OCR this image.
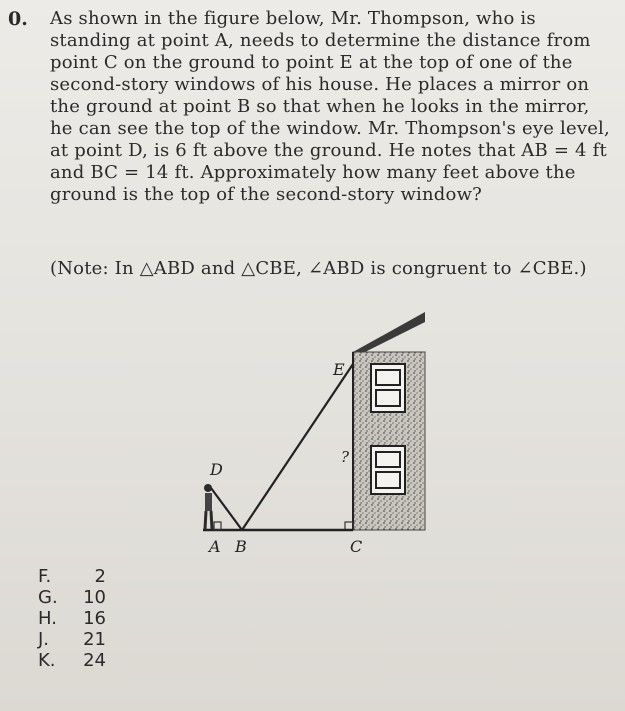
0. As shown in the figure below, Mr. Thompson, who is standing at point A, needs to determine the distance from point C on the ground to point E at the top of one of the second-story windows of his house. He places a mirror on the ground at point B so that when he looks in the mirror, he can see the top of the window. Mr. Thompson's eye level, at point D, is 6 ft above the ground. He notes that AB = 4 ft and BC = 14 ft. Approximately how many feet above the ground is the top of the second-story window?
(Note: In △ABD and △CBE, ∠ABD is congruent to ∠CBE.)
D
E
?
A B	C
F.	2
G.	10
H.	16
J.	21
K.	24
